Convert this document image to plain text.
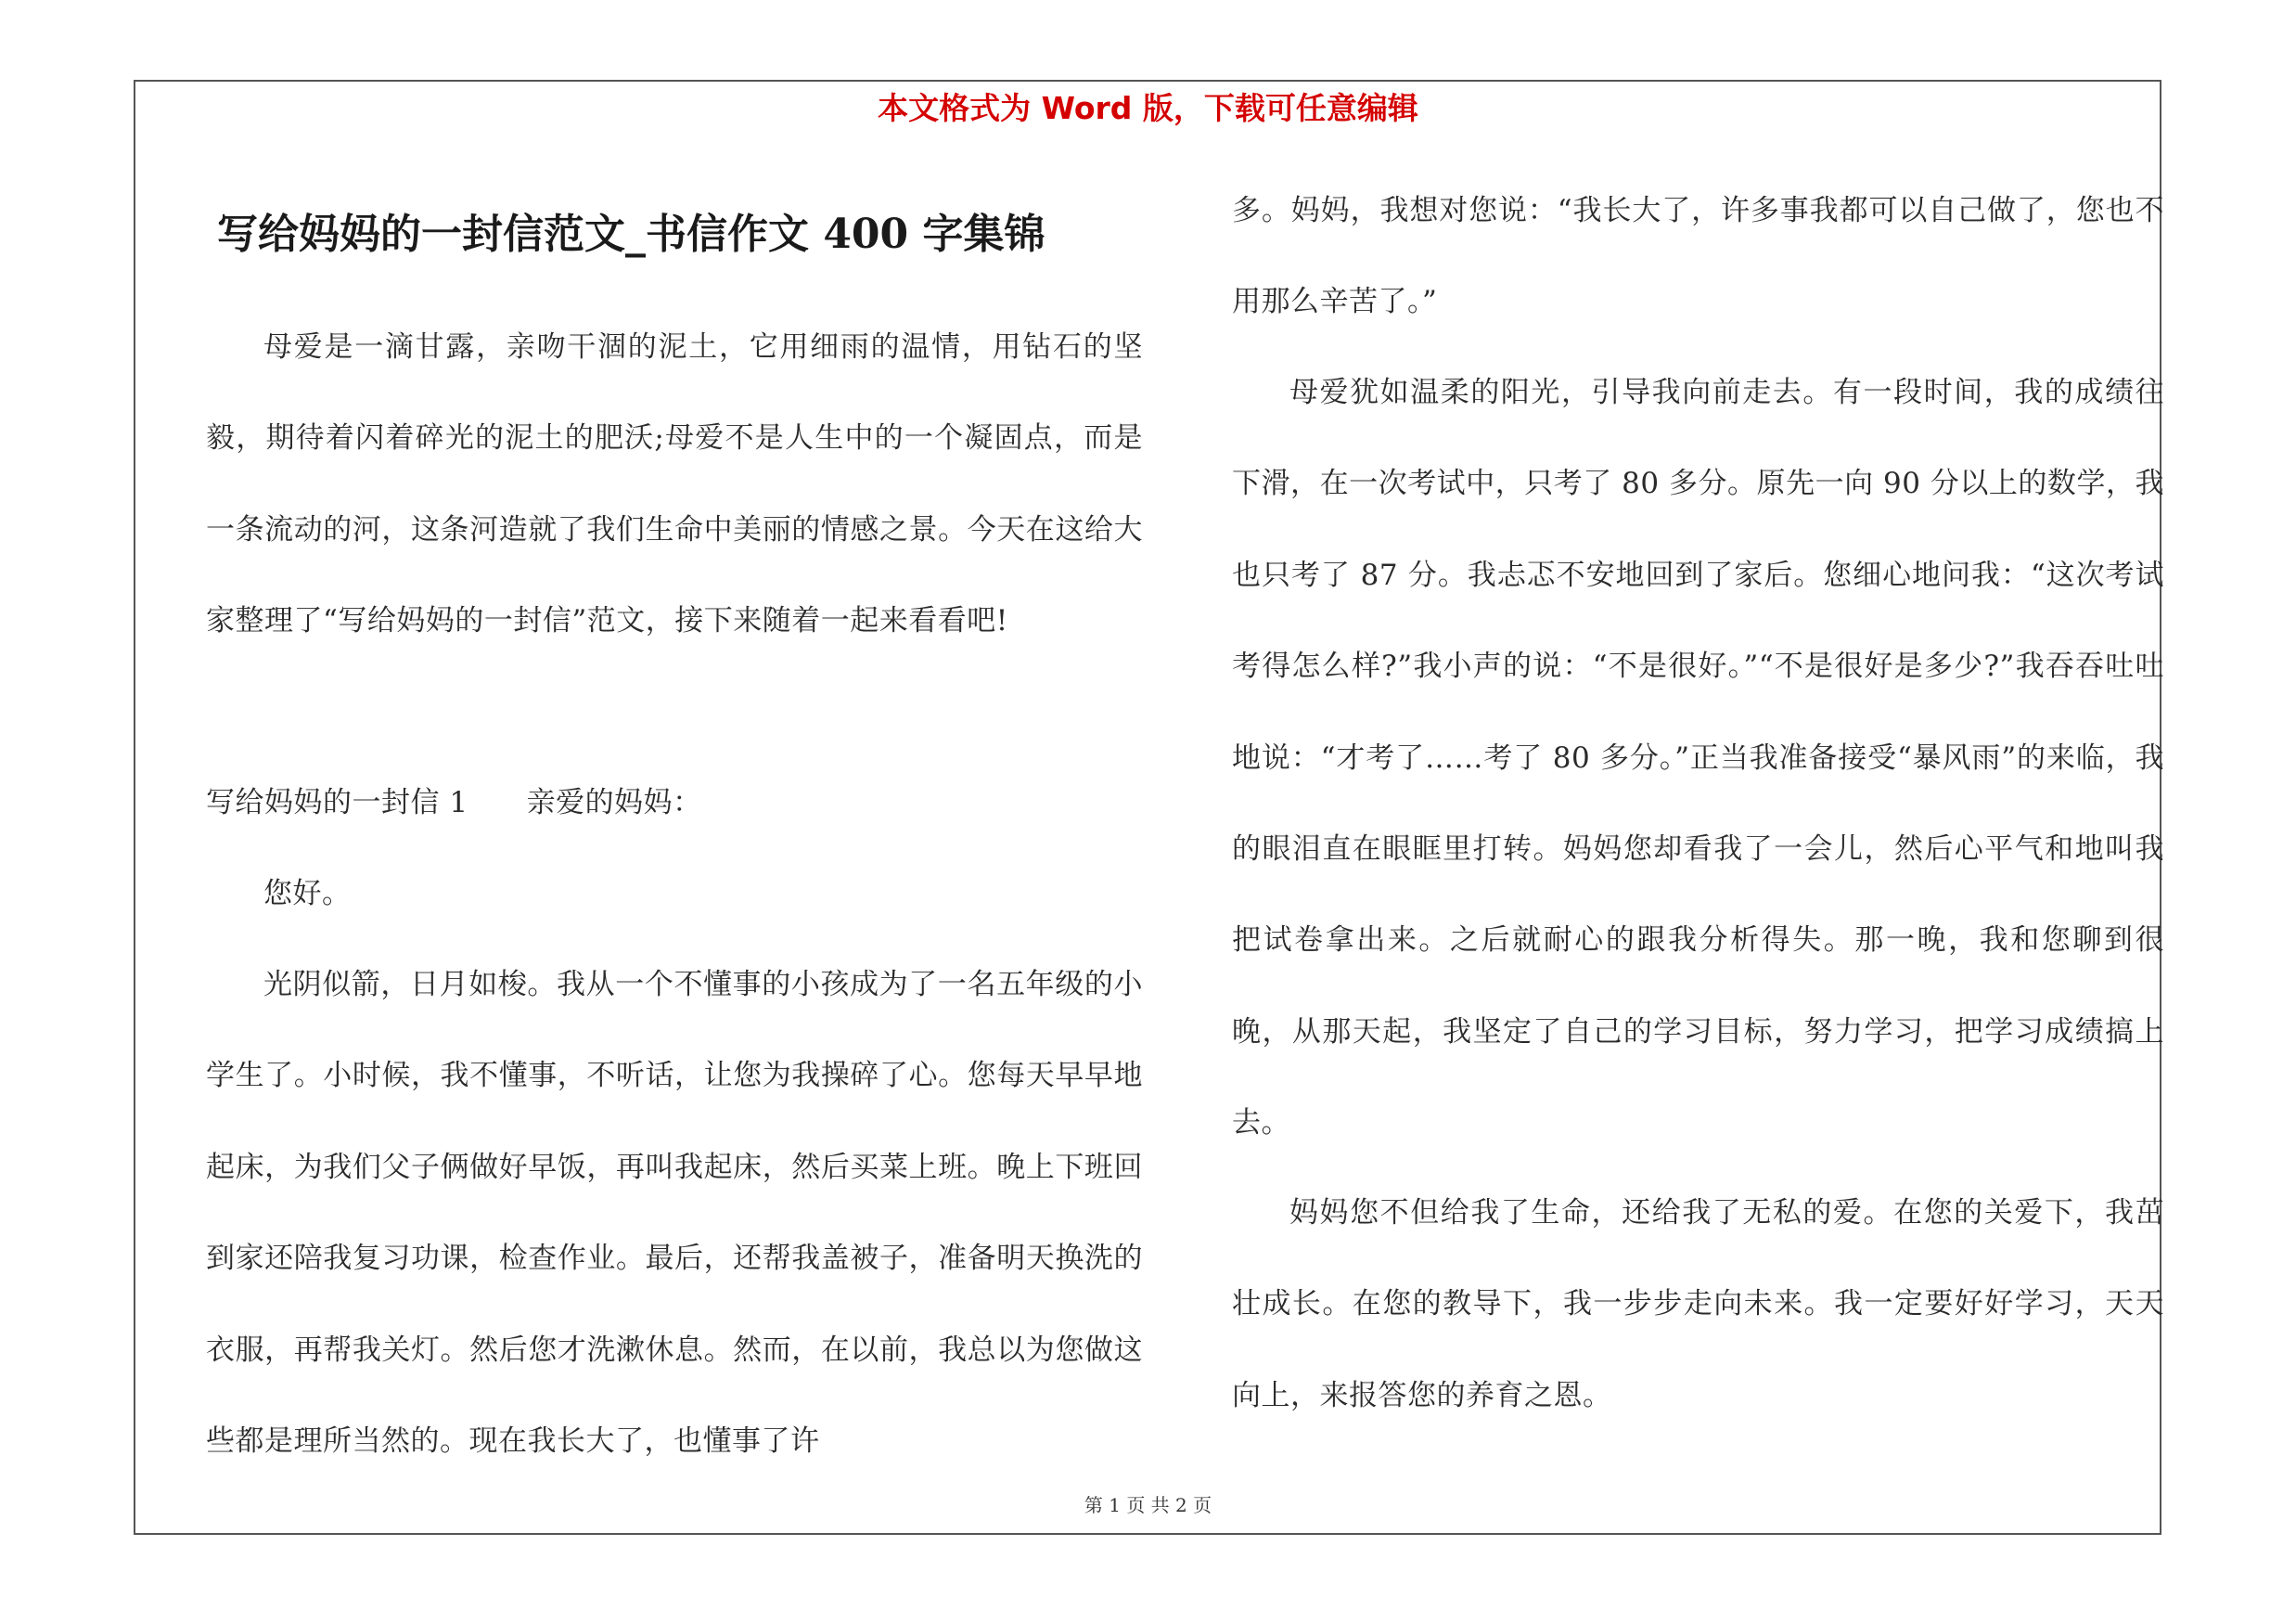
本文格式为 Word 版，下载可任意编辑
写给妈妈的一封信范文_书信作文 400 字集锦

母爱是一滴甘露，亲吻干涸的泥土，它用细雨的温情，用钻石的坚毅，期待着闪着碎光的泥土的肥沃;母爱不是人生中的一个凝固点，而是一条流动的河，这条河造就了我们生命中美丽的情感之景。今天在这给大家整理了“写给妈妈的一封信”范文，接下来随着一起来看看吧!

写给妈妈的一封信 1　　亲爱的妈妈：

您好。

光阴似箭，日月如梭。我从一个不懂事的小孩成为了一名五年级的小学生了。小时候，我不懂事，不听话，让您为我操碎了心。您每天早早地起床，为我们父子俩做好早饭，再叫我起床，然后买菜上班。晚上下班回到家还陪我复习功课，检查作业。最后，还帮我盖被子，准备明天换洗的衣服，再帮我关灯。然后您才洗漱休息。然而，在以前，我总以为您做这些都是理所当然的。现在我长大了，也懂事了许

多。妈妈，我想对您说：“我长大了，许多事我都可以自己做了，您也不用那么辛苦了。”

母爱犹如温柔的阳光，引导我向前走去。有一段时间，我的成绩往下滑，在一次考试中，只考了 80 多分。原先一向 90 分以上的数学，我也只考了 87 分。我忐忑不安地回到了家后。您细心地问我：“这次考试考得怎么样?”我小声的说：“不是很好。”“不是很好是多少?”我吞吞吐吐地说：“才考了……考了 80 多分。”正当我准备接受“暴风雨”的来临，我的眼泪直在眼眶里打转。妈妈您却看我了一会儿，然后心平气和地叫我把试卷拿出来。之后就耐心的跟我分析得失。那一晚，我和您聊到很晚，从那天起，我坚定了自己的学习目标，努力学习，把学习成绩搞上去。

妈妈您不但给我了生命，还给我了无私的爱。在您的关爱下，我茁壮成长。在您的教导下，我一步步走向未来。我一定要好好学习，天天向上，来报答您的养育之恩。

第 1 页 共 2 页
